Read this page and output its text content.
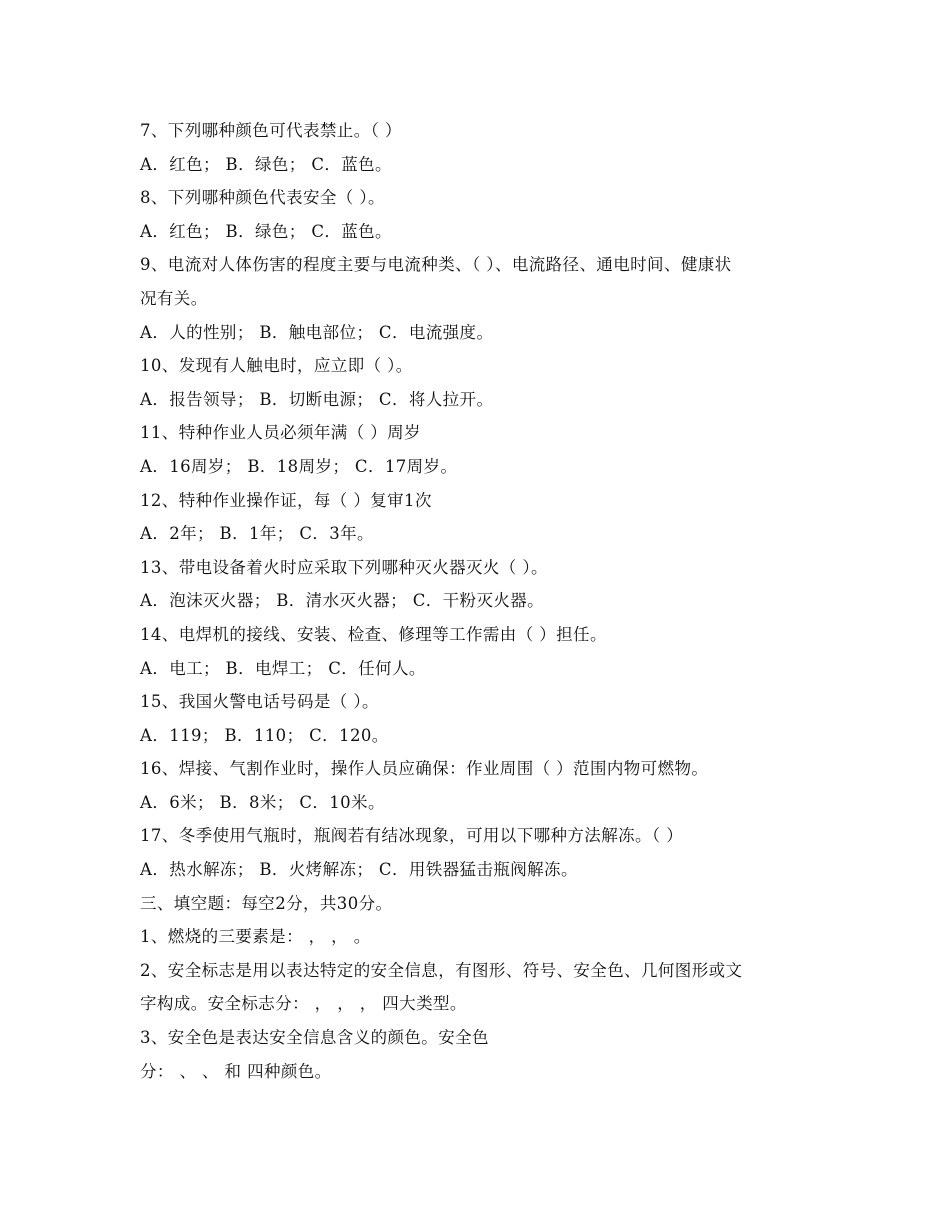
7、下列哪种颜色可代表禁止。（ ）
A．红色； B．绿色； C．蓝色。
8、下列哪种颜色代表安全（ ）。
A．红色； B．绿色； C．蓝色。
9、电流对人体伤害的程度主要与电流种类、（ ）、电流路径、通电时间、健康状
况有关。
A．人的性别； B．触电部位； C．电流强度。
10、发现有人触电时，应立即（ ）。
A．报告领导； B．切断电源； C．将人拉开。
11、特种作业人员必须年满（ ）周岁
A．16周岁； B．18周岁； C．17周岁。
12、特种作业操作证，每（ ）复审1次
A．2年； B．1年； C．3年。
13、带电设备着火时应采取下列哪种灭火器灭火（ ）。
A．泡沫灭火器； B．清水灭火器； C．干粉灭火器。
14、电焊机的接线、安装、检查、修理等工作需由（ ）担任。
A．电工； B．电焊工； C．任何人。
15、我国火警电话号码是（ ）。
A．119； B．110； C．120。
16、焊接、气割作业时，操作人员应确保：作业周围（ ）范围内物可燃物。
A．6米； B．8米； C．10米。
17、冬季使用气瓶时，瓶阀若有结冰现象，可用以下哪种方法解冻。（ ）
A．热水解冻； B．火烤解冻； C．用铁器猛击瓶阀解冻。
三、填空题：每空2分，共30分。
1、燃烧的三要素是： ， ， 。
2、安全标志是用以表达特定的安全信息，有图形、符号、安全色、几何图形或文
字构成。安全标志分： ， ， ， 四大类型。
3、安全色是表达安全信息含义的颜色。安全色
分： 、 、 和 四种颜色。
